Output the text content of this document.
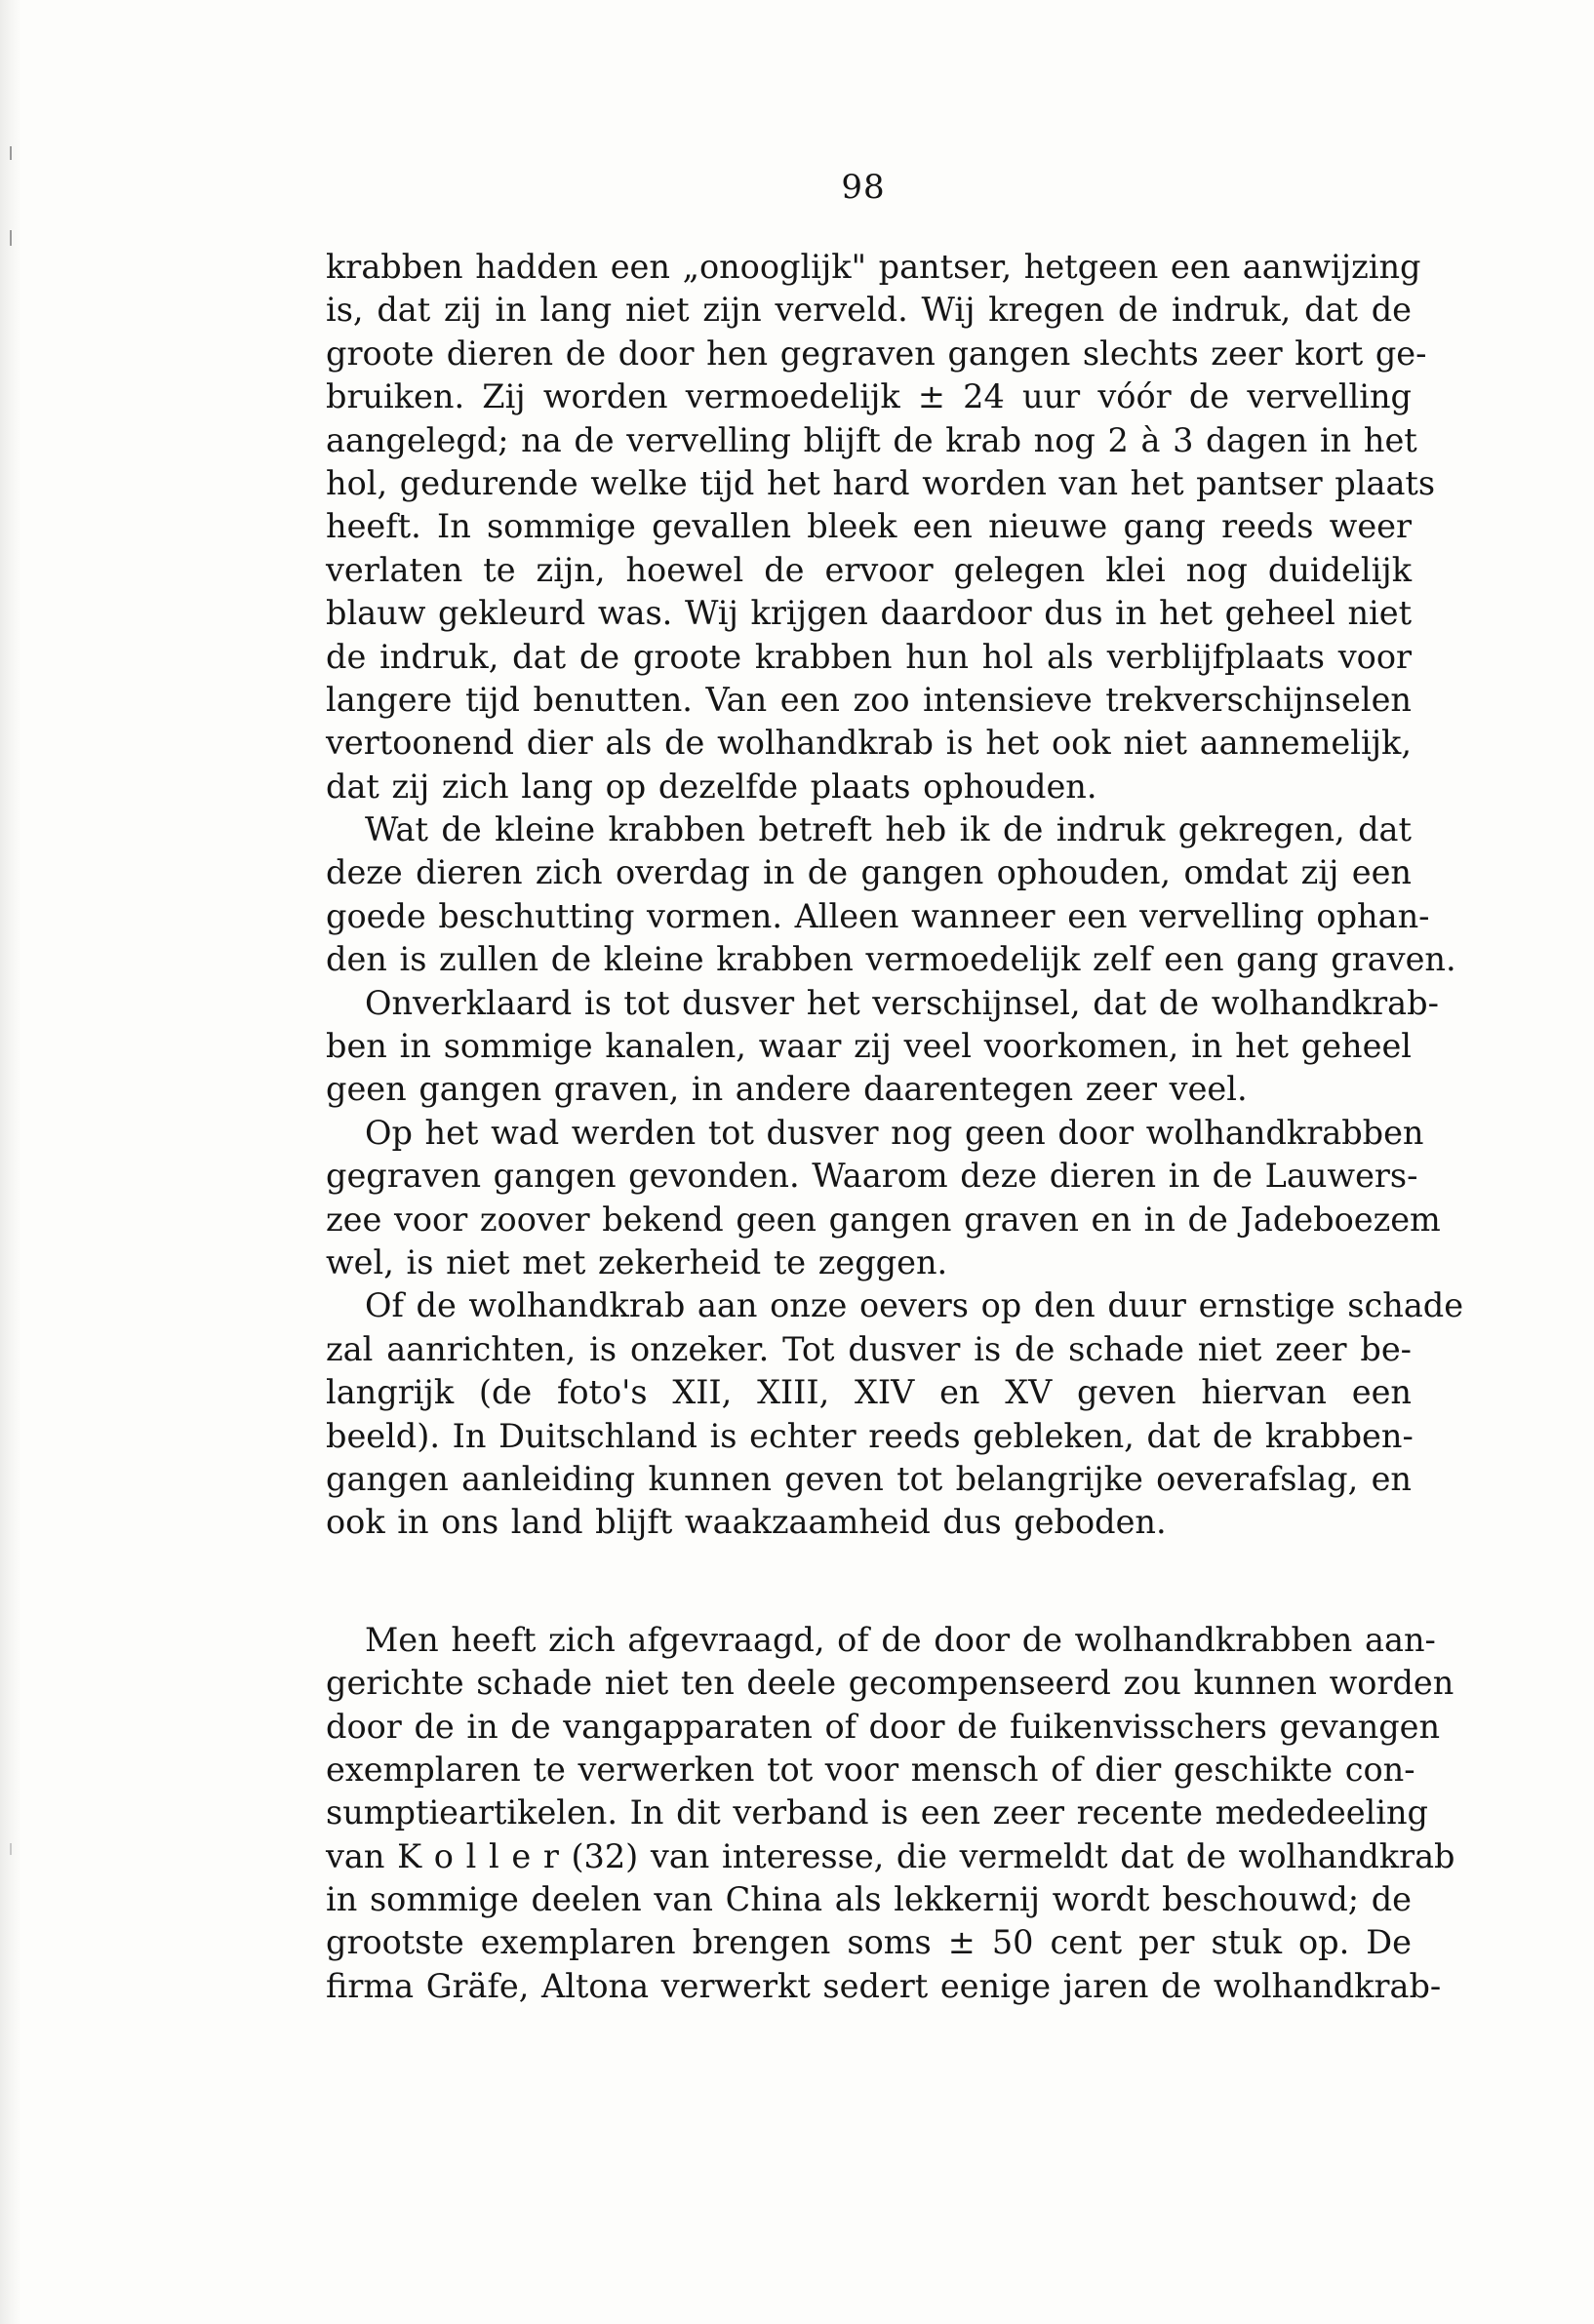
98
krabben hadden een „onooglijk" pantser, hetgeen een aanwijzing
is, dat zij in lang niet zijn verveld. Wij kregen de indruk, dat de
groote dieren de door hen gegraven gangen slechts zeer kort ge-
bruiken. Zij worden vermoedelijk ± 24 uur vóór de vervelling
aangelegd; na de vervelling blijft de krab nog 2 à 3 dagen in het
hol, gedurende welke tijd het hard worden van het pantser plaats
heeft. In sommige gevallen bleek een nieuwe gang reeds weer
verlaten te zijn, hoewel de ervoor gelegen klei nog duidelijk
blauw gekleurd was. Wij krijgen daardoor dus in het geheel niet
de indruk, dat de groote krabben hun hol als verblijfplaats voor
langere tijd benutten. Van een zoo intensieve trekverschijnselen
vertoonend dier als de wolhandkrab is het ook niet aannemelijk,
dat zij zich lang op dezelfde plaats ophouden.
Wat de kleine krabben betreft heb ik de indruk gekregen, dat
deze dieren zich overdag in de gangen ophouden, omdat zij een
goede beschutting vormen. Alleen wanneer een vervelling ophan-
den is zullen de kleine krabben vermoedelijk zelf een gang graven.
Onverklaard is tot dusver het verschijnsel, dat de wolhandkrab-
ben in sommige kanalen, waar zij veel voorkomen, in het geheel
geen gangen graven, in andere daarentegen zeer veel.
Op het wad werden tot dusver nog geen door wolhandkrabben
gegraven gangen gevonden. Waarom deze dieren in de Lauwers-
zee voor zoover bekend geen gangen graven en in de Jadeboezem
wel, is niet met zekerheid te zeggen.
Of de wolhandkrab aan onze oevers op den duur ernstige schade
zal aanrichten, is onzeker. Tot dusver is de schade niet zeer be-
langrijk (de foto's XII, XIII, XIV en XV geven hiervan een
beeld). In Duitschland is echter reeds gebleken, dat de krabben-
gangen aanleiding kunnen geven tot belangrijke oeverafslag, en
ook in ons land blijft waakzaamheid dus geboden.
Men heeft zich afgevraagd, of de door de wolhandkrabben aan-
gerichte schade niet ten deele gecompenseerd zou kunnen worden
door de in de vangapparaten of door de fuikenvisschers gevangen
exemplaren te verwerken tot voor mensch of dier geschikte con-
sumptieartikelen. In dit verband is een zeer recente mededeeling
van K o l l e r (32) van interesse, die vermeldt dat de wolhandkrab
in sommige deelen van China als lekkernij wordt beschouwd; de
grootste exemplaren brengen soms ± 50 cent per stuk op. De
firma Gräfe, Altona verwerkt sedert eenige jaren de wolhandkrab-
